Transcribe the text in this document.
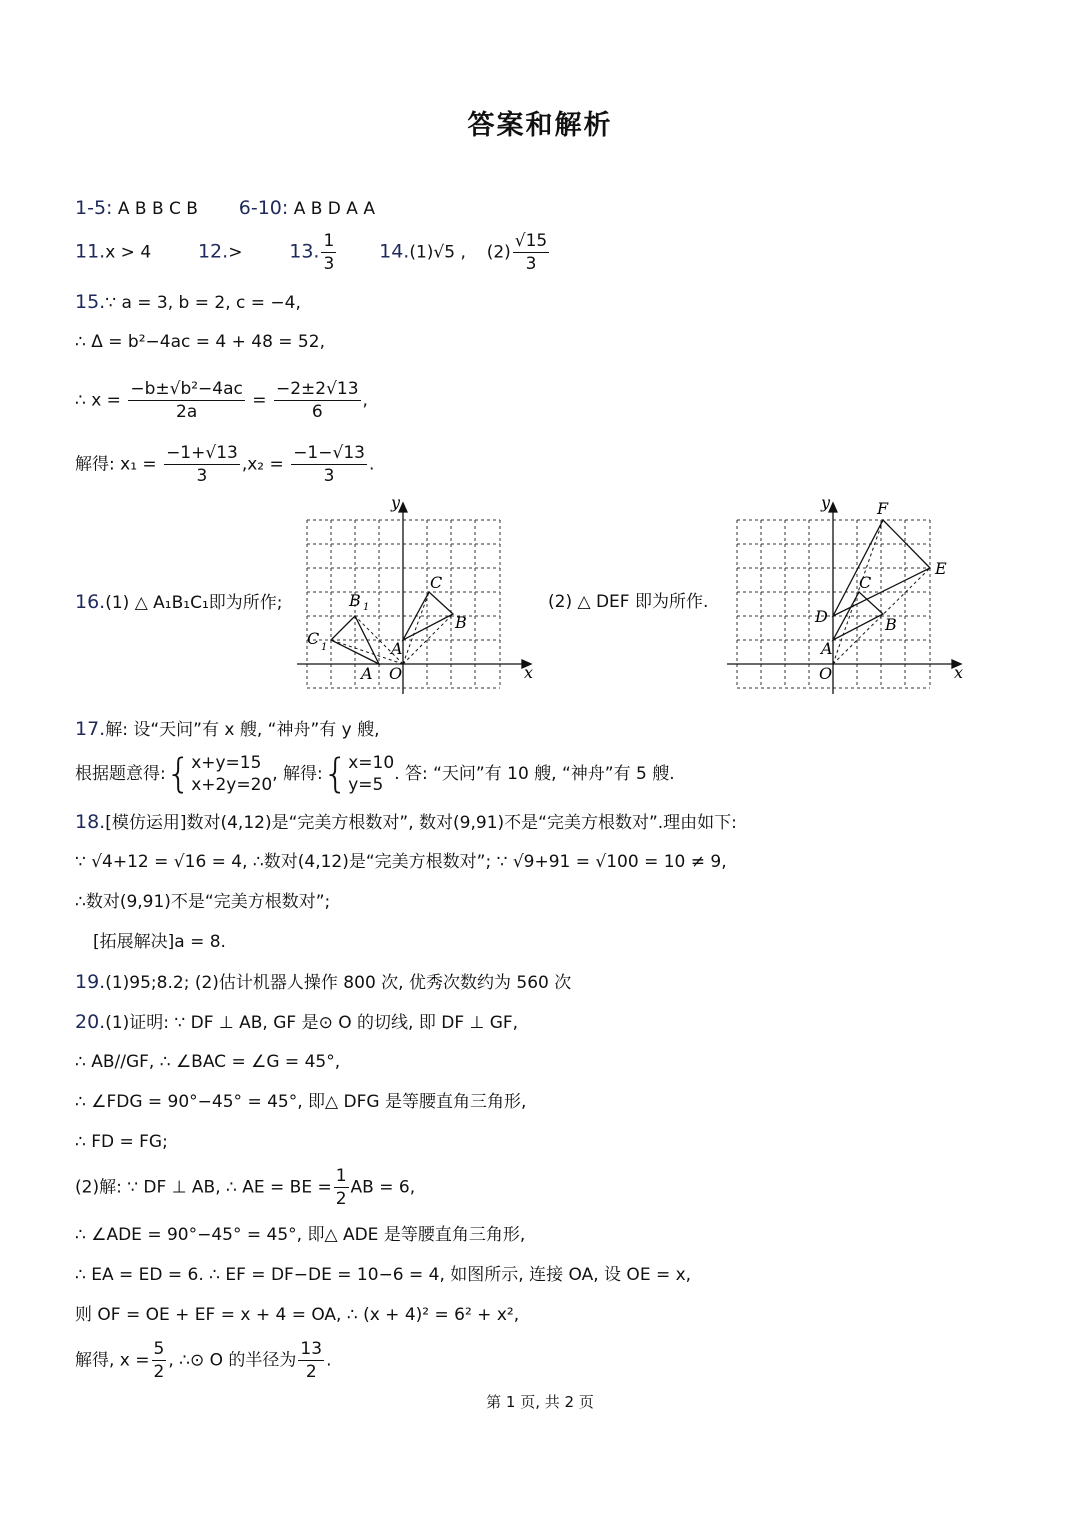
答案和解析
1-5: A B B C B 6-10: A B D A A
11.x > 4 12.> 13. $\frac{1}{3} 14.(1)√5$ , $(2) \frac{√15}{3}$
15.∵ a = 3, b = 2, c = −4,
∴ Δ = b²−4ac = 4 + 48 = 52,
∴ $x = \frac{\text{−b±√b²−4ac}}{2a} = \frac{-2\pm 2√13}{6}$ ,
解得: $x_1 = \frac{-1+√13}{3} ,x_2 = \frac{-1-√13}{3}$ .
16.(1) △ A₁B₁C₁即为所作;	(2) △ DEF 即为所作.
y
x
O
A
C
B
A
B 1
C 1
y
x
O
A
C
B
D
E
F
17.解: 设“天问”有 x 艘, “神舟”有 y 艘,
根据题意得:{ x+y=15
x+2y=20
, 解得:{ x=10
y=5
. 答: “天问”有 10 艘, “神舟”有 5 艘.
18.[模仿运用]数对(4,12)是“完美方根数对”, 数对(9,91)不是“完美方根数对”.理由如下:
∵ √4+12 = √16 = 4, ∴数对(4,12)是“完美方根数对”; ∵ √9+91 = √100 = 10 ≠ 9,
∴数对(9,91)不是“完美方根数对”;
[拓展解决]a = 8.
19.(1)95;8.2; (2)估计机器人操作 800 次, 优秀次数约为 560 次
20.(1)证明: ∵ DF ⊥ AB, GF 是⊙ O 的切线, 即 DF ⊥ GF,
∴ AB//GF, ∴ ∠BAC = ∠G = 45°,
∴ ∠FDG = 90°−45° = 45°, 即△ DFG 是等腰直角三角形,
∴ FD = FG;
(2)解: ∵ DF ⊥ AB, ∴ AE = BE = $\frac{1}{2}$ AB = 6,
∴ ∠ADE = 90°−45° = 45°, 即△ ADE 是等腰直角三角形,
∴ EA = ED = 6. ∴ EF = DF−DE = 10−6 = 4, 如图所示, 连接 OA, 设 OE = x,
则 OF = OE + EF = x + 4 = OA, ∴ (x + 4)² = 6² + x²,
解得, $x = \frac{5}{2}$ , ∴⊙ O 的半径为 $\frac{13}{2}$ .
第 1 页, 共 2 页
